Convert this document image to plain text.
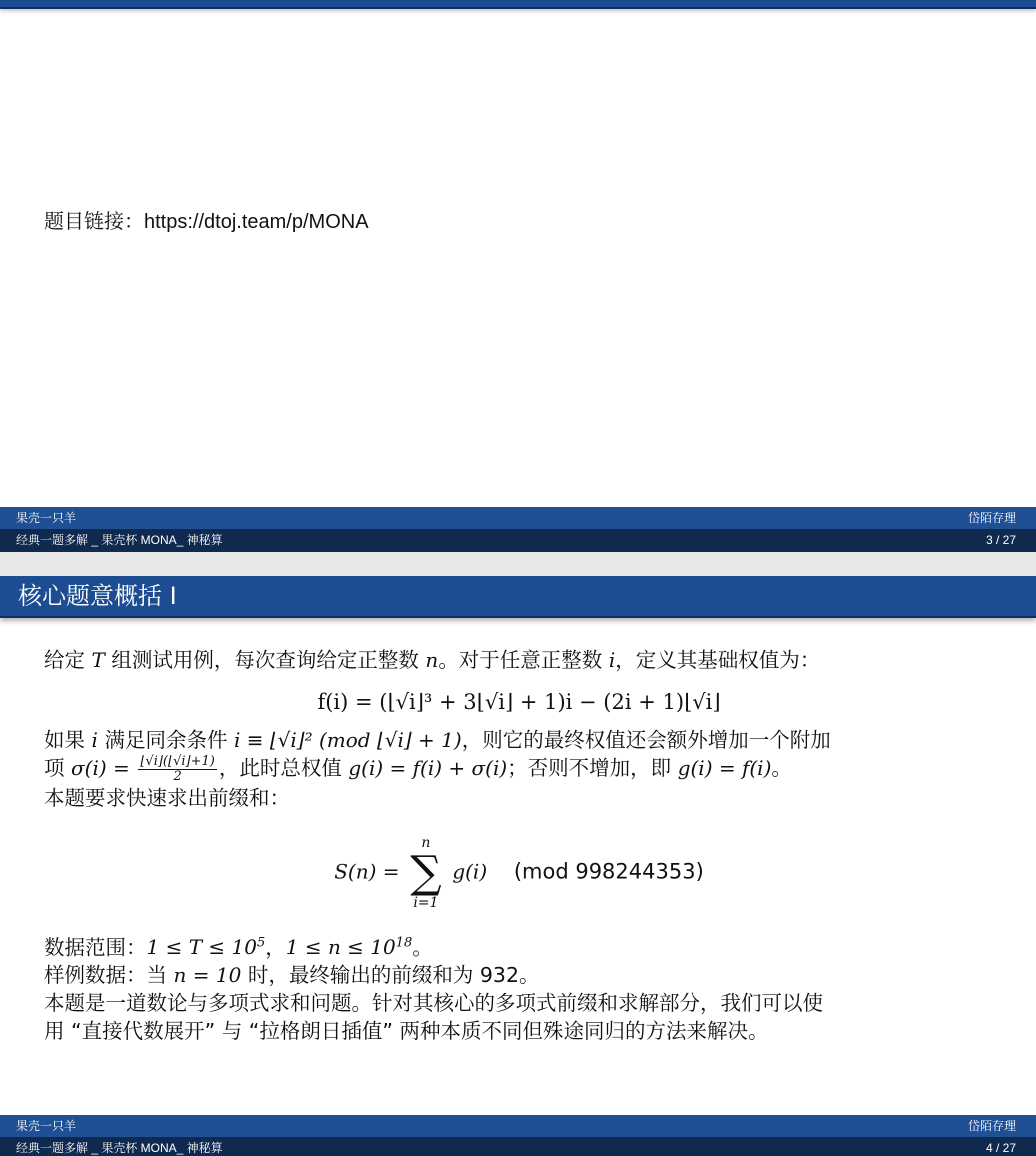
题目链接：https://dtoj.team/p/MONA
果壳一只羊	岱陌存理
经典一题多解 _ 果壳杯 MONA_ 神秘算	3 / 27
核心题意概括 I
给定 T 组测试用例，每次查询给定正整数 n。对于任意正整数 i，定义其基础权值为：
f(i) = (⌊√i⌋³ + 3⌊√i⌋ + 1)i − (2i + 1)⌊√i⌋
如果 i 满足同余条件 i ≡ ⌊√i⌋² (mod ⌊√i⌋ + 1)，则它的最终权值还会额外增加一个附加
项 $\sigma(i) = \frac{⌊√i⌋(⌊√i⌋+1)}{2}$ ，此时总权值 g(i) = f(i) + σ(i)；否则不增加，即 g(i) = f(i)。
本题要求快速求出前缀和：
S(n) =
n
∑
i=1
g(i) (mod 998244353)
数据范围：$1 \le T \le 10^5$，$1 \le n \le 10^{18}$。
样例数据：当 n = 10 时，最终输出的前缀和为 932。
本题是一道数论与多项式求和问题。针对其核心的多项式前缀和求解部分，我们可以使
用 “直接代数展开” 与 “拉格朗日插值” 两种本质不同但殊途同归的方法来解决。
果壳一只羊	岱陌存理
经典一题多解 _ 果壳杯 MONA_ 神秘算	4 / 27
